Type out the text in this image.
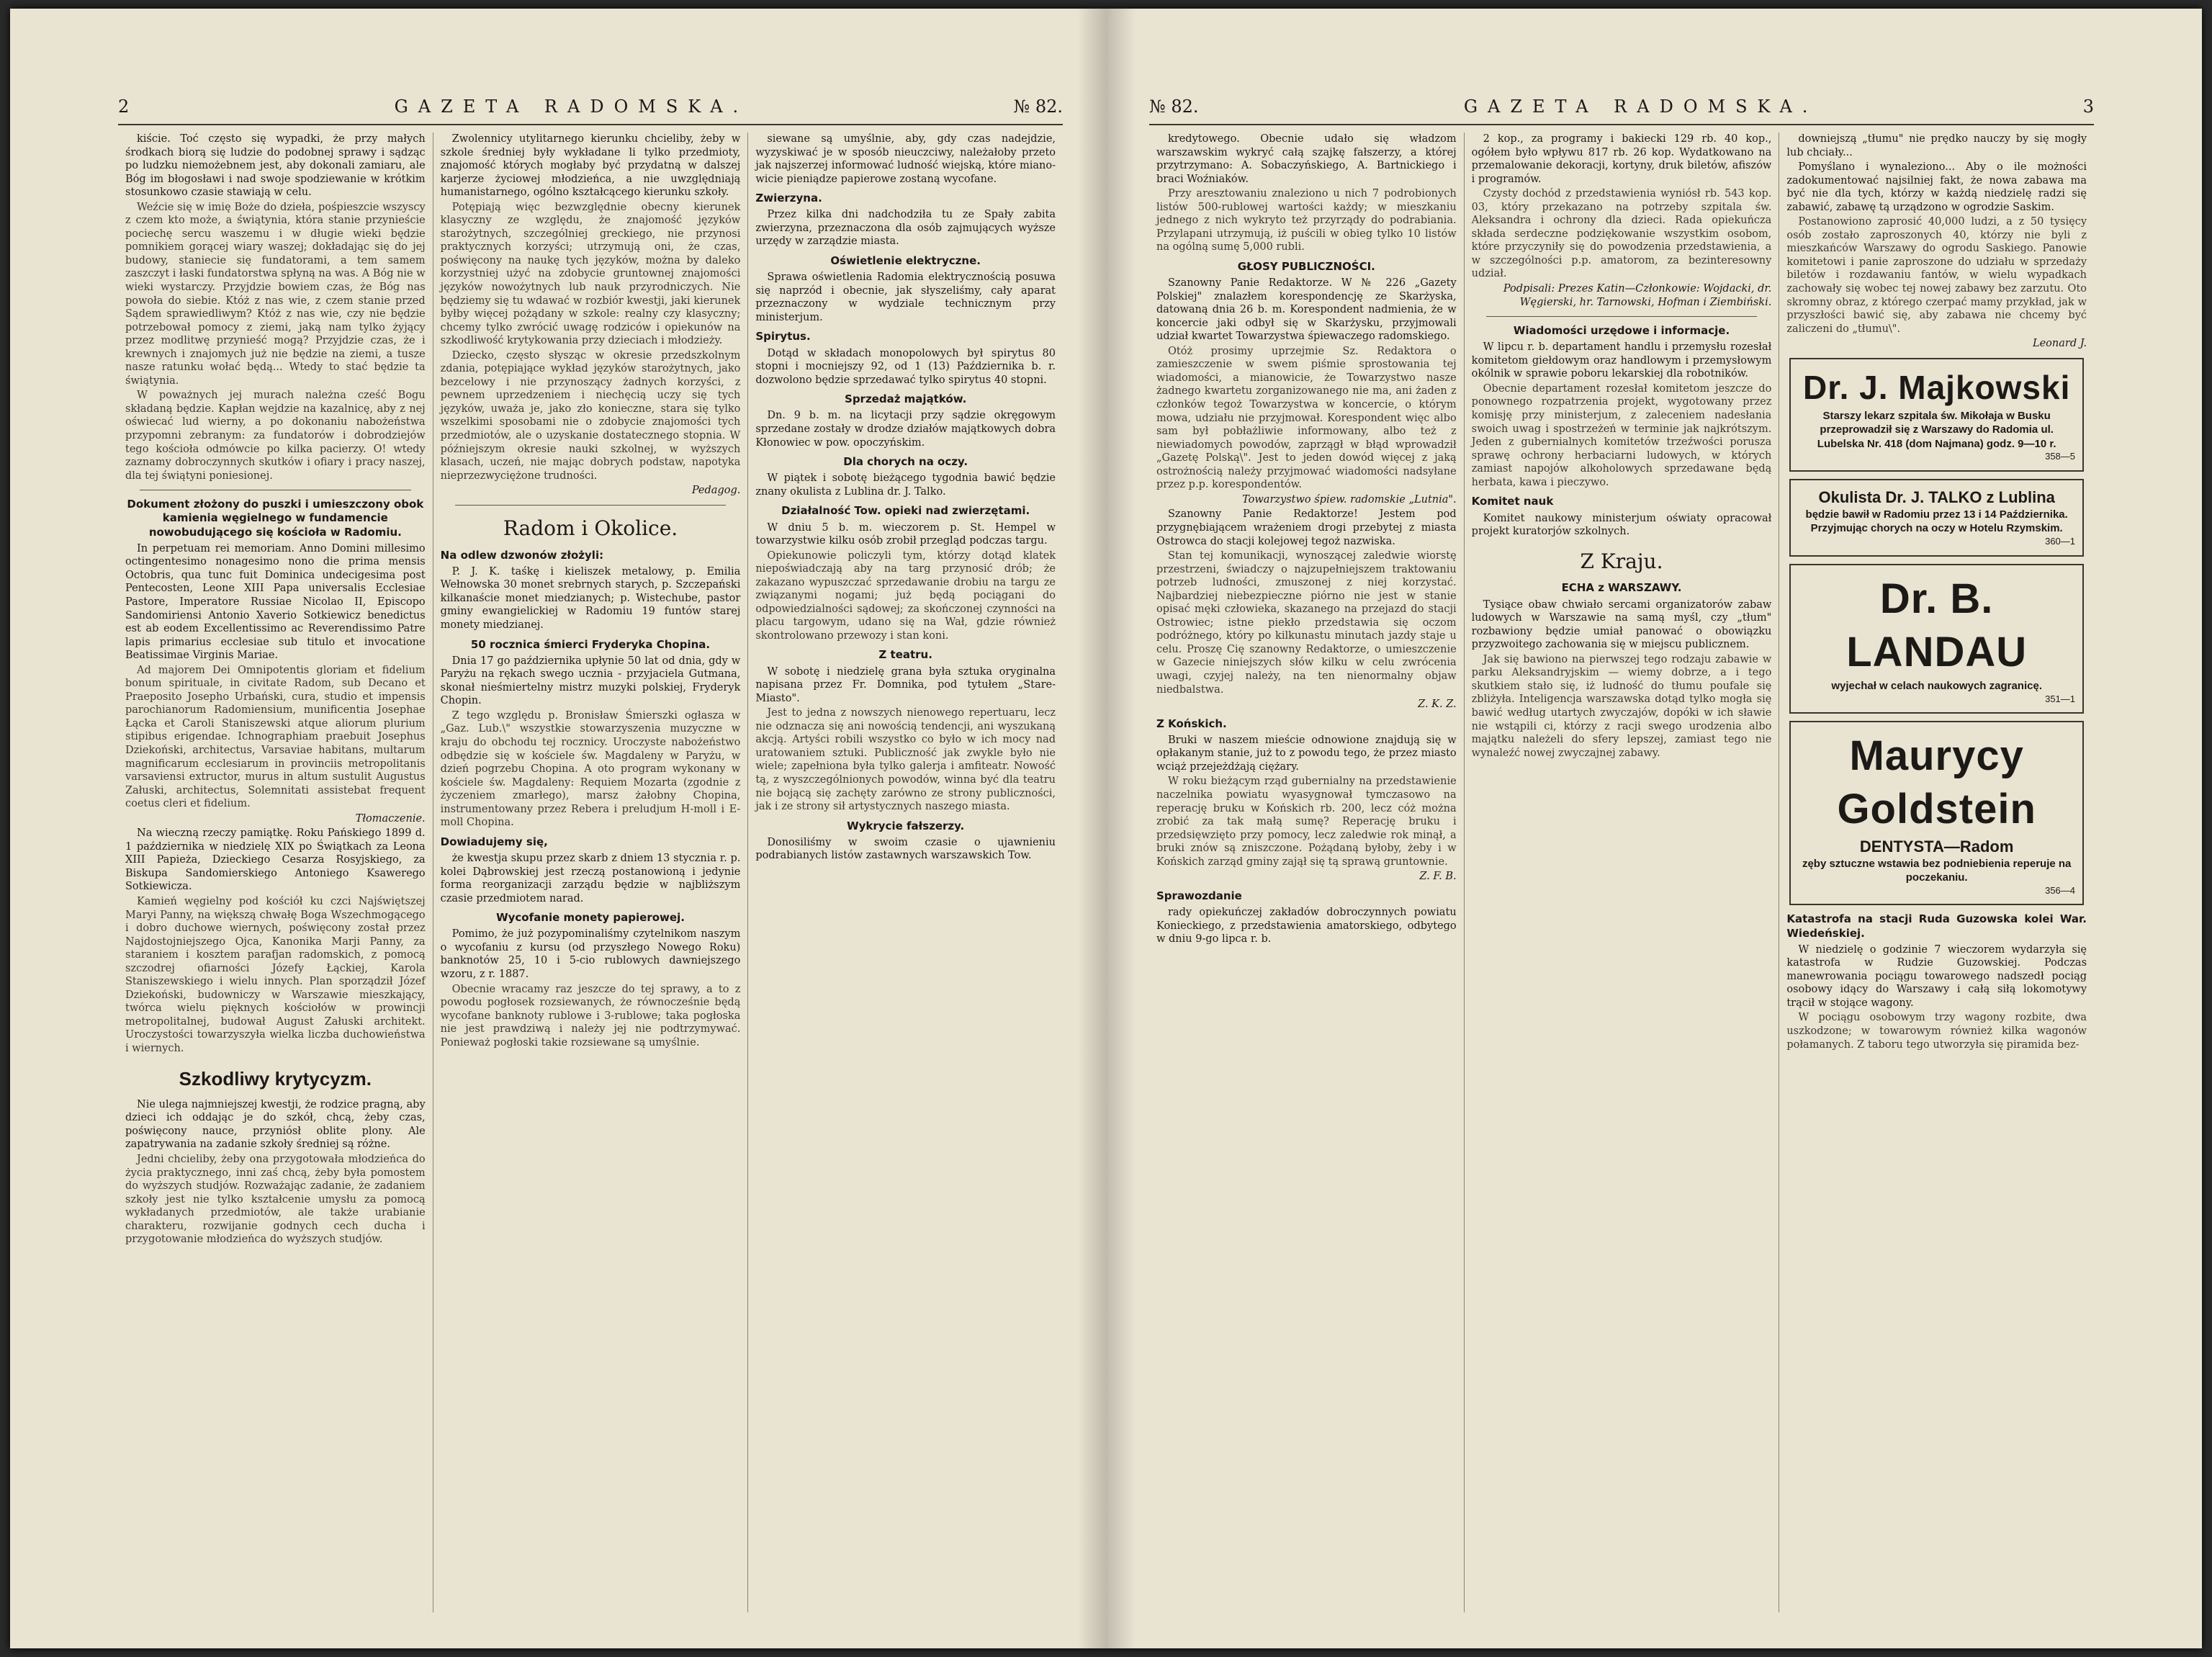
2	GAZETA RADOMSKA.	№ 82.

kiście. Toć często się wypadki, że przy małych środkach biorą się ludzie do podobnej sprawy i sądząc po ludzku niemożebnem jest, aby dokonali zamiaru, ale Bóg im błogosławi i nad swoje spodziewanie w krótkim stosunkowo czasie stawiają w celu.

Weźcie się w imię Boże do dzieła, pośpieszcie wszyscy z czem kto może, a świątynia, która stanie przynieście pociechę sercu waszemu i w długie wieki będzie pomnikiem gorącej wiary waszej; dokładając się do jej budowy, staniecie się fundatorami, a tem samem zaszczyt i łaski fundatorstwa spłyną na was. A Bóg nie w wieki wystarczy. Przyjdzie bowiem czas, że Bóg nas powoła do siebie. Któż z nas wie, z czem stanie przed Sądem sprawiedliwym? Któż z nas wie, czy nie będzie potrzebował pomocy z ziemi, jaką nam tylko żyjący przez modlitwę przynieść mogą? Przyjdzie czas, że i krewnych i znajomych już nie będzie na ziemi, a tusze nasze ratunku wołać będą... Wtedy to stać będzie ta świątynia.

W poważnych jej murach należna cześć Bogu składaną będzie. Kapłan wejdzie na kazalnicę, aby z nej oświecać lud wierny, a po dokonaniu nabożeństwa przypomni zebranym: za fundatorów i dobrodziejów tego kościoła odmówcie po kilka pacierzy. O! wtedy zaznamy dobroczynnych skutków i ofiary i pracy naszej, dla tej świątyni poniesionej.

Dokument złożony do puszki i umieszczony obok kamienia węgielnego w fundamencie nowobudującego się kościoła w Radomiu.

In perpetuam rei memoriam. Anno Domini millesimo octingentesimo nonagesimo nono die prima mensis Octobris, qua tunc fuit Dominica undecigesima post Pentecosten, Leone XIII Papa universalis Ecclesiae Pastore, Imperatore Russiae Nicolao II, Episcopo Sandomiriensi Antonio Xaverio Sotkiewicz benedictus est ab eodem Excellentissimo ac Reverendissimo Patre lapis primarius ecclesiae sub titulo et invocatione Beatissimae Virginis Mariae.

Ad majorem Dei Omnipotentis gloriam et fidelium bonum spirituale, in civitate Radom, sub Decano et Praeposito Josepho Urbański, cura, studio et impensis parochianorum Radomiensium, munificentia Josephae Łącka et Caroli Staniszewski atque aliorum plurium stipibus erigendae. Ichnographiam praebuit Josephus Dziekoński, architectus, Varsaviae habitans, multarum magnificarum ecclesiarum in provinciis metropolitanis varsaviensi extructor, murus in altum sustulit Augustus Załuski, architectus, Solemnitati assistebat frequent coetus cleri et fidelium.

Tłomaczenie.

Na wieczną rzeczy pamiątkę. Roku Pańskiego 1899 d. 1 października w niedzielę XIX po Świątkach za Leona XIII Papieża, Dzieckiego Cesarza Rosyjskiego, za Biskupa Sandomierskiego Antoniego Ksawerego Sotkiewicza.

Kamień węgielny pod kościół ku czci Najświętszej Maryi Panny, na większą chwałę Boga Wszechmogącego i dobro duchowe wiernych, poświęcony został przez Najdostojniejszego Ojca, Kanonika Marji Panny, za staraniem i kosztem parafjan radomskich, z pomocą szczodrej ofiarności Józefy Łąckiej, Karola Staniszewskiego i wielu innych. Plan sporządził Józef Dziekoński, budowniczy w Warszawie mieszkający, twórca wielu pięknych kościołów w prowincji metropolitalnej, budował August Załuski architekt. Uroczystości towarzyszyła wielka liczba duchowieństwa i wiernych.

Szkodliwy krytycyzm.

Nie ulega najmniejszej kwestji, że rodzice pragną, aby dzieci ich oddając je do szkół, chcą, żeby czas, poświęcony nauce, przyniósł oblite plony. Ale zapatrywania na zadanie szkoły średniej są różne.

Jedni chcieliby, żeby ona przygotowała młodzieńca do życia praktycznego, inni zaś chcą, żeby była pomostem do wyższych studjów. Rozważając zadanie, że zadaniem szkoły jest nie tylko kształcenie umysłu za pomocą wykładanych przedmiotów, ale także urabianie charakteru, rozwijanie godnych cech ducha i przygotowanie młodzieńca do wyższych studjów.

Zwolennicy utylitarnego kierunku chcieliby, żeby w szkole średniej były wykładane li tylko przedmioty, znajomość których mogłaby być przydatną w dalszej karjerze życiowej młodzieńca, a nie uwzględniają humanistarnego, ogólno kształcącego kierunku szkoły.

Potępiają więc bezwzględnie obecny kierunek klasyczny ze względu, że znajomość języków starożytnych, szczególniej greckiego, nie przynosi praktycznych korzyści; utrzymują oni, że czas, poświęcony na naukę tych języków, można by daleko korzystniej użyć na zdobycie gruntownej znajomości języków nowożytnych lub nauk przyrodniczych. Nie będziemy się tu wdawać w rozbiór kwestji, jaki kierunek byłby więcej pożądany w szkole: realny czy klasyczny; chcemy tylko zwrócić uwagę rodziców i opiekunów na szkodliwość krytykowania przy dzieciach i młodzieży.

Dziecko, często słysząc w okresie przedszkolnym zdania, potępiające wykład języków starożytnych, jako bezcelowy i nie przynoszący żadnych korzyści, z pewnem uprzedzeniem i niechęcią uczy się tych języków, uważa je, jako zło konieczne, stara się tylko wszelkimi sposobami nie o zdobycie znajomości tych przedmiotów, ale o uzyskanie dostatecznego stopnia. W późniejszym okresie nauki szkolnej, w wyższych klasach, uczeń, nie mając dobrych podstaw, napotyka nieprzezwyciężone trudności.

Pedagog.

Radom i Okolice.
Na odlew dzwonów złożyli:

P. J. K. taśkę i kieliszek metalowy, p. Emilia Wełnowska 30 monet srebrnych starych, p. Szczepański kilkanaście monet miedzianych; p. Wistechube, pastor gminy ewangielickiej w Radomiu 19 funtów starej monety miedzianej.

50 rocznica śmierci Fryderyka Chopina.

Dnia 17 go października upłynie 50 lat od dnia, gdy w Paryżu na rękach swego ucznia - przyjaciela Gutmana, skonał nieśmiertelny mistrz muzyki polskiej, Fryderyk Chopin.

Z tego względu p. Bronisław Śmierszki ogłasza w „Gaz. Lub.\" wszystkie stowarzyszenia muzyczne w kraju do obchodu tej rocznicy. Uroczyste nabożeństwo odbędzie się w kościele św. Magdaleny w Paryżu, w dzień pogrzebu Chopina. A oto program wykonany w kościele św. Magdaleny: Requiem Mozarta (zgodnie z życzeniem zmarłego), marsz żałobny Chopina, instrumentowany przez Rebera i preludjum H-moll i E-moll Chopina.

Dowiadujemy się,

że kwestja skupu przez skarb z dniem 13 stycznia r. p. kolei Dąbrowskiej jest rzeczą postanowioną i jedynie forma reorganizacji zarządu będzie w najbliższym czasie przedmiotem narad.

Wycofanie monety papierowej.

Pomimo, że już pozypominaliśmy czytelnikom naszym o wycofaniu z kursu (od przyszłego Nowego Roku) banknotów 25, 10 i 5-cio rublowych dawniejszego wzoru, z r. 1887.

Obecnie wracamy raz jeszcze do tej sprawy, a to z powodu pogłosek rozsiewanych, że równocześnie będą wycofane banknoty rublowe i 3-rublowe; taka pogłoska nie jest prawdziwą i należy jej nie podtrzymywać. Ponieważ pogłoski takie rozsiewane są umyślnie.

siewane są umyślnie, aby, gdy czas nadejdzie, wyzyskiwać je w sposób nieuczciwy, należałoby przeto jak najszerzej informować ludność wiejską, które miano-wicie pieniądze papierowe zostaną wycofane.

Zwierzyna.

Przez kilka dni nadchodziła tu ze Spały zabita zwierzyna, przeznaczona dla osób zajmujących wyższe urzędy w zarządzie miasta.

Oświetlenie elektryczne.

Sprawa oświetlenia Radomia elektrycznością posuwa się naprzód i obecnie, jak słyszeliśmy, cały aparat przeznaczony w wydziale technicznym przy ministerjum.

Spirytus.

Dotąd w składach monopolowych był spirytus 80 stopni i mocniejszy 92, od 1 (13) Października b. r. dozwolono będzie sprzedawać tylko spirytus 40 stopni.

Sprzedaż majątków.

Dn. 9 b. m. na licytacji przy sądzie okręgowym sprzedane zostały w drodze działów majątkowych dobra Kłonowiec w pow. opoczyńskim.

Dla chorych na oczy.

W piątek i sobotę bieżącego tygodnia bawić będzie znany okulista z Lublina dr. J. Talko.

Działalność Tow. opieki nad zwierzętami.

W dniu 5 b. m. wieczorem p. St. Hempel w towarzystwie kilku osób zrobił przegląd podczas targu.

Opiekunowie policzyli tym, którzy dotąd klatek niepoświadczają aby na targ przynosić drób; że zakazano wypuszczać sprzedawanie drobiu na targu ze związanymi nogami; już będą pociągani do odpowiedzialności sądowej; za skończonej czynności na placu targowym, udano się na Wał, gdzie również skontrolowano przewozy i stan koni.

Z teatru.

W sobotę i niedzielę grana była sztuka oryginalna napisana przez Fr. Domnika, pod tytułem „Stare-Miasto".

Jest to jedna z nowszych nienowego repertuaru, lecz nie odznacza się ani nowością tendencji, ani wyszukaną akcją. Artyści robili wszystko co było w ich mocy nad uratowaniem sztuki. Publiczność jak zwykle było nie wiele; zapełniona była tylko galerja i amfiteatr. Nowość tą, z wyszczególnionych powodów, winna być dla teatru nie bojącą się zachęty zarówno ze strony publiczności, jak i ze strony sił artystycznych naszego miasta.

Wykrycie fałszerzy.

Donosiliśmy w swoim czasie o ujawnieniu podrabianych listów zastawnych warszawskich Tow.

№ 82.	GAZETA RADOMSKA.	3

kredytowego. Obecnie udało się władzom warszawskim wykryć całą szajkę fałszerzy, a której przytrzymano: A. Sobaczyńskiego, A. Bartnickiego i braci Woźniaków.

Przy aresztowaniu znaleziono u nich 7 podrobionych listów 500-rublowej wartości każdy; w mieszkaniu jednego z nich wykryto też przyrządy do podrabiania. Przylapani utrzymują, iż puścili w obieg tylko 10 listów na ogólną sumę 5,000 rubli.

GŁOSY PUBLICZNOŚCI.

Szanowny Panie Redaktorze. W № 226 „Gazety Polskiej" znalazłem korespondencję ze Skarżyska, datowaną dnia 26 b. m. Korespondent nadmienia, że w koncercie jaki odbył się w Skarżysku, przyjmowali udział kwartet Towarzystwa śpiewaczego radomskiego.

Otóż prosimy uprzejmie Sz. Redaktora o zamieszczenie w swem piśmie sprostowania tej wiadomości, a mianowicie, że Towarzystwo nasze żadnego kwartetu zorganizowanego nie ma, ani żaden z członków tegoż Towarzystwa w koncercie, o którym mowa, udziału nie przyjmował. Korespondent więc albo sam był pobłażliwie informowany, albo też z niewiadomych powodów, zaprzągł w błąd wprowadził „Gazetę Polską\". Jest to jeden dowód więcej z jaką ostrożnością należy przyjmować wiadomości nadsyłane przez p.p. korespondentów.

Towarzystwo śpiew. radomskie „Lutnia".

Szanowny Panie Redaktorze! Jestem pod przygnębiającem wrażeniem drogi przebytej z miasta Ostrowca do stacji kolejowej tegoż nazwiska.

Stan tej komunikacji, wynoszącej zaledwie wiorstę przestrzeni, świadczy o najzupełniejszem traktowaniu potrzeb ludności, zmuszonej z niej korzystać. Najbardziej niebezpieczne piórno nie jest w stanie opisać męki człowieka, skazanego na przejazd do stacji Ostrowiec; istne piekło przedstawia się oczom podróżnego, który po kilkunastu minutach jazdy staje u celu. Proszę Cię szanowny Redaktorze, o umieszczenie w Gazecie niniejszych słów kilku w celu zwrócenia uwagi, czyjej należy, na ten nienormalny objaw niedbalstwa.

Z. K. Z.

Z Końskich.

Bruki w naszem mieście odnowione znajdują się w opłakanym stanie, już to z powodu tego, że przez miasto wciąż przejeżdżają ciężary.

W roku bieżącym rząd gubernialny na przedstawienie naczelnika powiatu wyasygnował tymczasowo na reperację bruku w Końskich rb. 200, lecz cóż można zrobić za tak małą sumę? Reperację bruku i przedsięwzięto przy pomocy, lecz zaledwie rok minął, a bruki znów są zniszczone. Pożądaną byłoby, żeby i w Końskich zarząd gminy zajął się tą sprawą gruntownie.

Z. F. B.

Sprawozdanie

rady opiekuńczej zakładów dobroczynnych powiatu Konieckiego, z przedstawienia amatorskiego, odbytego w dniu 9-go lipca r. b.

2 kop., za programy i bakiecki 129 rb. 40 kop., ogółem było wpływu 817 rb. 26 kop. Wydatkowano na przemalowanie dekoracji, kortyny, druk biletów, afiszów i programów.

Czysty dochód z przedstawienia wyniósł rb. 543 kop. 03, który przekazano na potrzeby szpitala św. Aleksandra i ochrony dla dzieci. Rada opiekuńcza składa serdeczne podziękowanie wszystkim osobom, które przyczyniły się do powodzenia przedstawienia, a w szczególności p.p. amatorom, za bezinteresowny udział.

Podpisali: Prezes Katin—Członkowie: Wojdacki, dr. Węgierski, hr. Tarnowski, Hofman i Ziembiński.

Wiadomości urzędowe i informacje.

W lipcu r. b. departament handlu i przemysłu rozesłał komitetom giełdowym oraz handlowym i przemysłowym okólnik w sprawie poboru lekarskiej dla robotników.

Obecnie departament rozesłał komitetom jeszcze do ponownego rozpatrzenia projekt, wygotowany przez komisję przy ministerjum, z zaleceniem nadesłania swoich uwag i spostrzeżeń w terminie jak najkrótszym. Jeden z gubernialnych komitetów trzeźwości porusza sprawę ochrony herbaciarni ludowych, w których zamiast napojów alkoholowych sprzedawane będą herbata, kawa i pieczywo.

Komitet nauk

Komitet naukowy ministerjum oświaty opracował projekt kuratorjów szkolnych.

Z Kraju.
ECHA z WARSZAWY.

Tysiące obaw chwiało sercami organizatorów zabaw ludowych w Warszawie na samą myśl, czy „tłum" rozbawiony będzie umiał panować o obowiązku przyzwoitego zachowania się w miejscu publicznem.

Jak się bawiono na pierwszej tego rodzaju zabawie w parku Aleksandryjskim — wiemy dobrze, a i tego skutkiem stało się, iż ludność do tłumu poufale się zbliżyła. Inteligencja warszawska dotąd tylko mogła się bawić według utartych zwyczajów, dopóki w ich sławie nie wstąpili ci, którzy z racji swego urodzenia albo majątku należeli do sfery lepszej, zamiast tego nie wynaleźć nowej zwyczajnej zabawy.

downiejszą „tłumu" nie prędko nauczy by się mogły lub chciały...

Pomyślano i wynaleziono... Aby o ile możności zadokumentować najsilniej fakt, że nowa zabawa ma być nie dla tych, którzy w każdą niedzielę radzi się zabawić, zabawę tą urządzono w ogrodzie Saskim.

Postanowiono zaprosić 40,000 ludzi, a z 50 tysięcy osób zostało zaproszonych 40, którzy nie byli z mieszkańców Warszawy do ogrodu Saskiego. Panowie komitetowi i panie zaproszone do udziału w sprzedaży biletów i rozdawaniu fantów, w wielu wypadkach zachowały się wobec tej nowej zabawy bez zarzutu. Oto skromny obraz, z którego czerpać mamy przykład, jak w przyszłości bawić się, aby zabawa nie chcemy być zaliczeni do „tłumu\".

Leonard J.

Dr. J. Majkowski
Starszy lekarz szpitala św. Mikołaja w Busku przeprowadził się z Warszawy do Radomia ul. Lubelska Nr. 418 (dom Najmana) godz. 9—10 r.
358—5
Okulista Dr. J. TALKO z Lublina
będzie bawił w Radomiu przez 13 i 14 Października. Przyjmując chorych na oczy w Hotelu Rzymskim.
360—1
Dr. B. LANDAU
wyjechał w celach naukowych zagranicę.
351—1
Maurycy Goldstein
DENTYSTA—Radom
zęby sztuczne wstawia bez podniebienia reperuje na poczekaniu.
356—4
Katastrofa na stacji Ruda Guzowska kolei War. Wiedeńskiej.

W niedzielę o godzinie 7 wieczorem wydarzyła się katastrofa w Rudzie Guzowskiej. Podczas manewrowania pociągu towarowego nadszedł pociąg osobowy idący do Warszawy i całą siłą lokomotywy trącił w stojące wagony.

W pociągu osobowym trzy wagony rozbite, dwa uszkodzone; w towarowym również kilka wagonów połamanych. Z taboru tego utworzyła się piramida bez-
